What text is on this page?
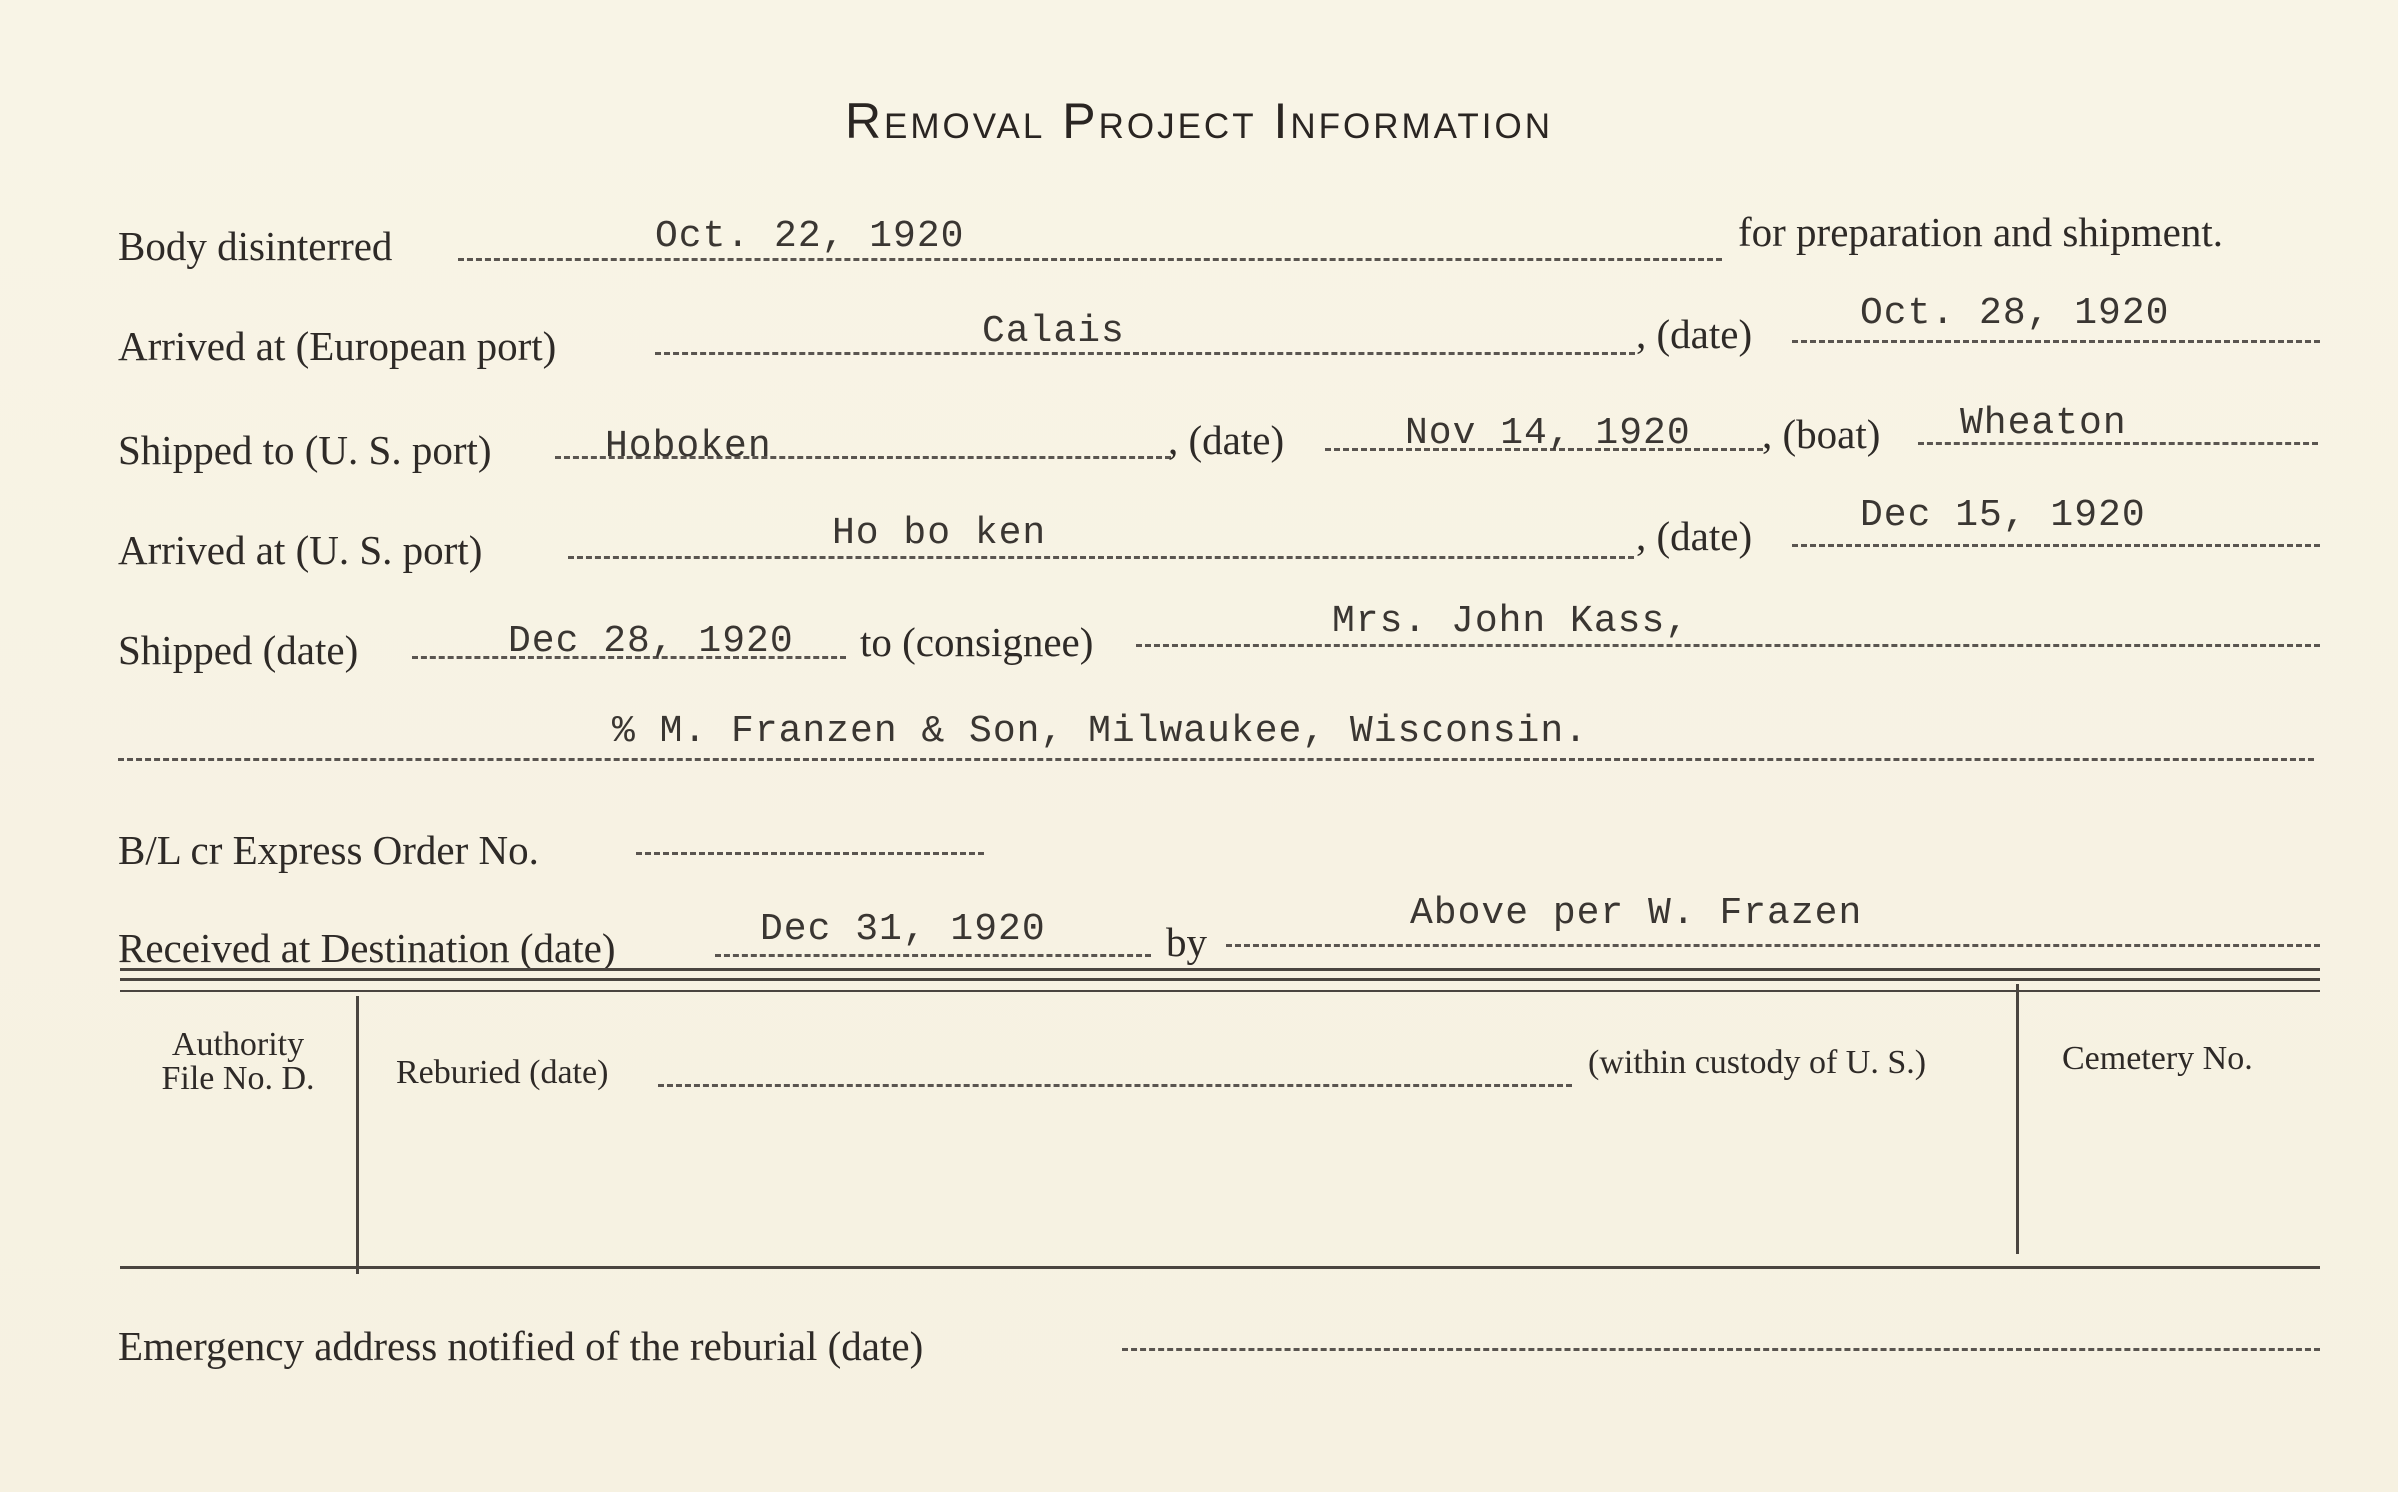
Removal Project Information
Body disinterred	Oct. 22, 1920	for preparation and shipment.
Arrived at (European port)	Calais	, (date)	Oct. 28, 1920
Shipped to (U. S. port)	Hoboken	, (date)	Nov 14, 1920 , (boat) Wheaton
Arrived at (U. S. port)	Ho bo ken	, (date)	Dec 15, 1920
Shipped (date)	Dec 28, 1920 to (consignee)	Mrs. John Kass,
% M. Franzen & Son, Milwaukee, Wisconsin.
B/L cr Express Order No.
Received at Destination (date)	Dec 31, 1920	by
Above per W. Frazen
Authority
File No. D.	Reburied (date)	(within custody of U. S.)	Cemetery No.
Emergency address notified of the reburial (date)
